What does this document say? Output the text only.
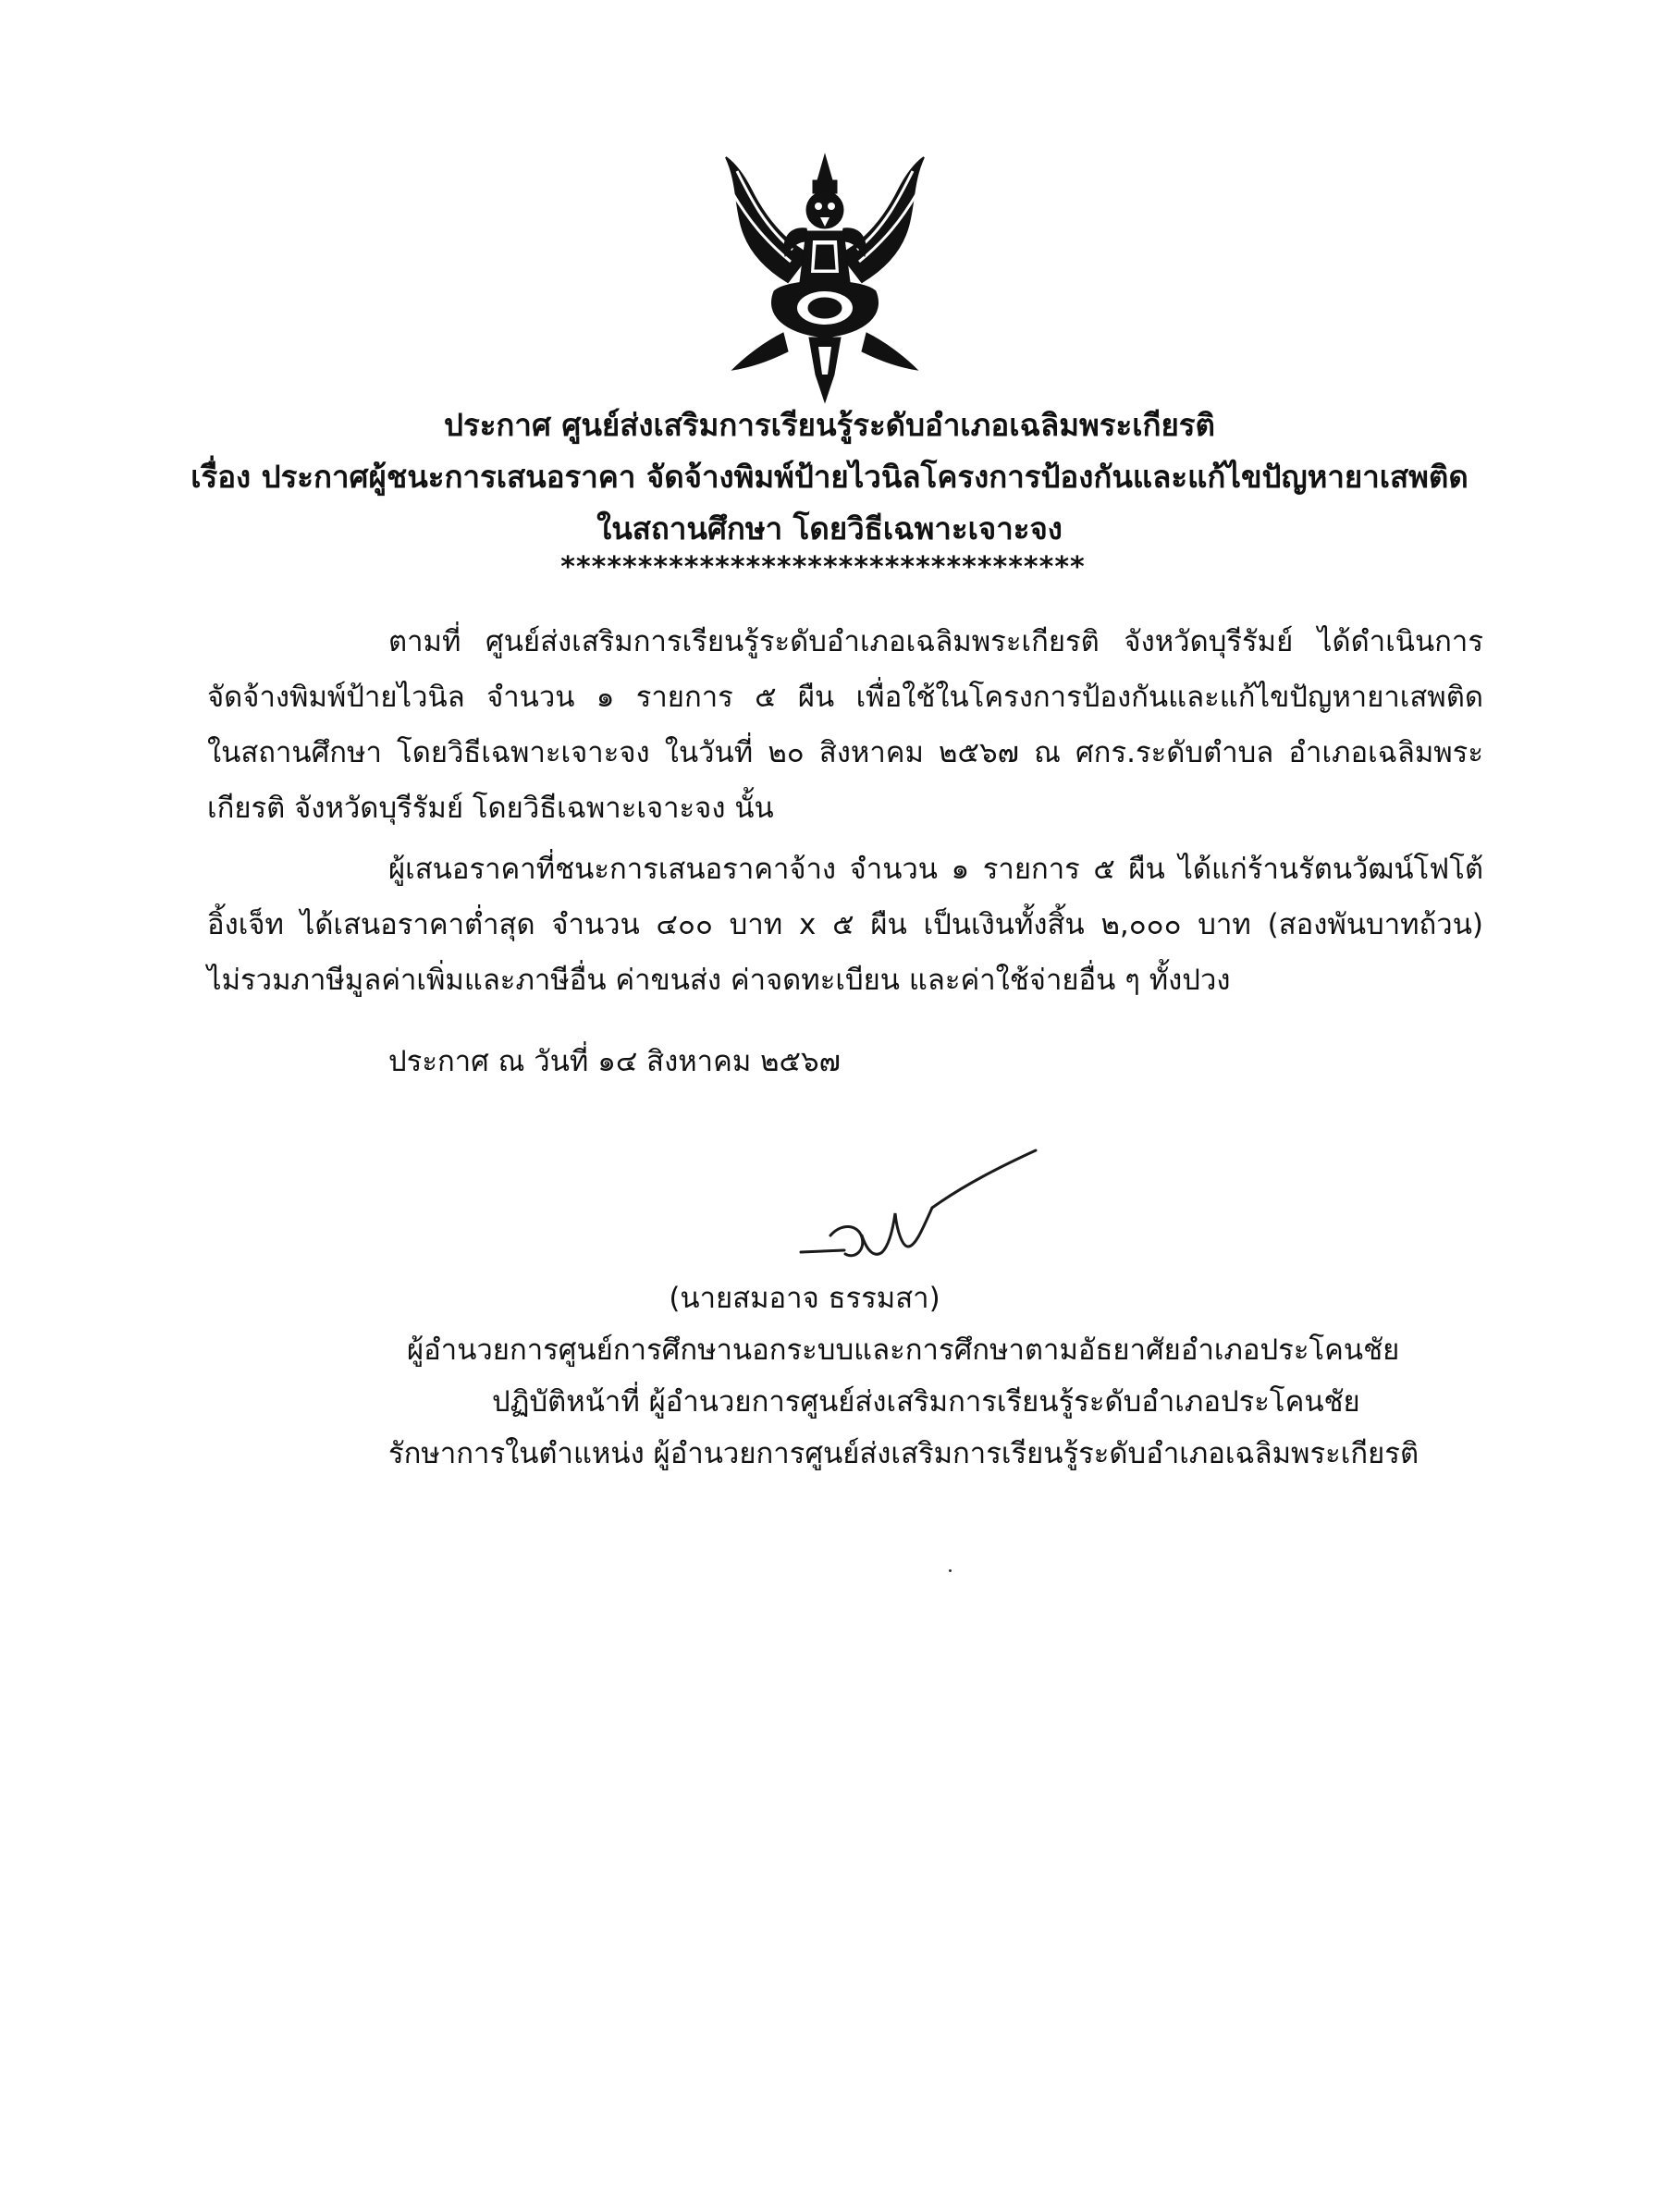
ประกาศ ศูนย์ส่งเสริมการเรียนรู้ระดับอำเภอเฉลิมพระเกียรติ
เรื่อง ประกาศผู้ชนะการเสนอราคา จัดจ้างพิมพ์ป้ายไวนิลโครงการป้องกันและแก้ไขปัญหายาเสพติด
ในสถานศึกษา โดยวิธีเฉพาะเจาะจง
**********************************
ตามที่ ศูนย์ส่งเสริมการเรียนรู้ระดับอำเภอเฉลิมพระเกียรติ จังหวัดบุรีรัมย์ ได้ดำเนินการ
จัดจ้างพิมพ์ป้ายไวนิล จำนวน ๑ รายการ ๕ ผืน เพื่อใช้ในโครงการป้องกันและแก้ไขปัญหายาเสพติด
ในสถานศึกษา โดยวิธีเฉพาะเจาะจง ในวันที่ ๒๐ สิงหาคม ๒๕๖๗ ณ ศกร.ระดับตำบล อำเภอเฉลิมพระ
เกียรติ จังหวัดบุรีรัมย์ โดยวิธีเฉพาะเจาะจง นั้น
ผู้เสนอราคาที่ชนะการเสนอราคาจ้าง จำนวน ๑ รายการ ๕ ผืน ได้แก่ร้านรัตนวัฒน์โฟโต้
อิ้งเจ็ท ได้เสนอราคาต่ำสุด จำนวน ๔๐๐ บาท x ๕ ผืน เป็นเงินทั้งสิ้น ๒,๐๐๐ บาท (สองพันบาทถ้วน)
ไม่รวมภาษีมูลค่าเพิ่มและภาษีอื่น ค่าขนส่ง ค่าจดทะเบียน และค่าใช้จ่ายอื่น ๆ ทั้งปวง
ประกาศ ณ วันที่ ๑๔ สิงหาคม ๒๕๖๗
(นายสมอาจ ธรรมสา)
ผู้อำนวยการศูนย์การศึกษานอกระบบและการศึกษาตามอัธยาศัยอำเภอประโคนชัย
ปฏิบัติหน้าที่ ผู้อำนวยการศูนย์ส่งเสริมการเรียนรู้ระดับอำเภอประโคนชัย
รักษาการในตำแหน่ง ผู้อำนวยการศูนย์ส่งเสริมการเรียนรู้ระดับอำเภอเฉลิมพระเกียรติ
